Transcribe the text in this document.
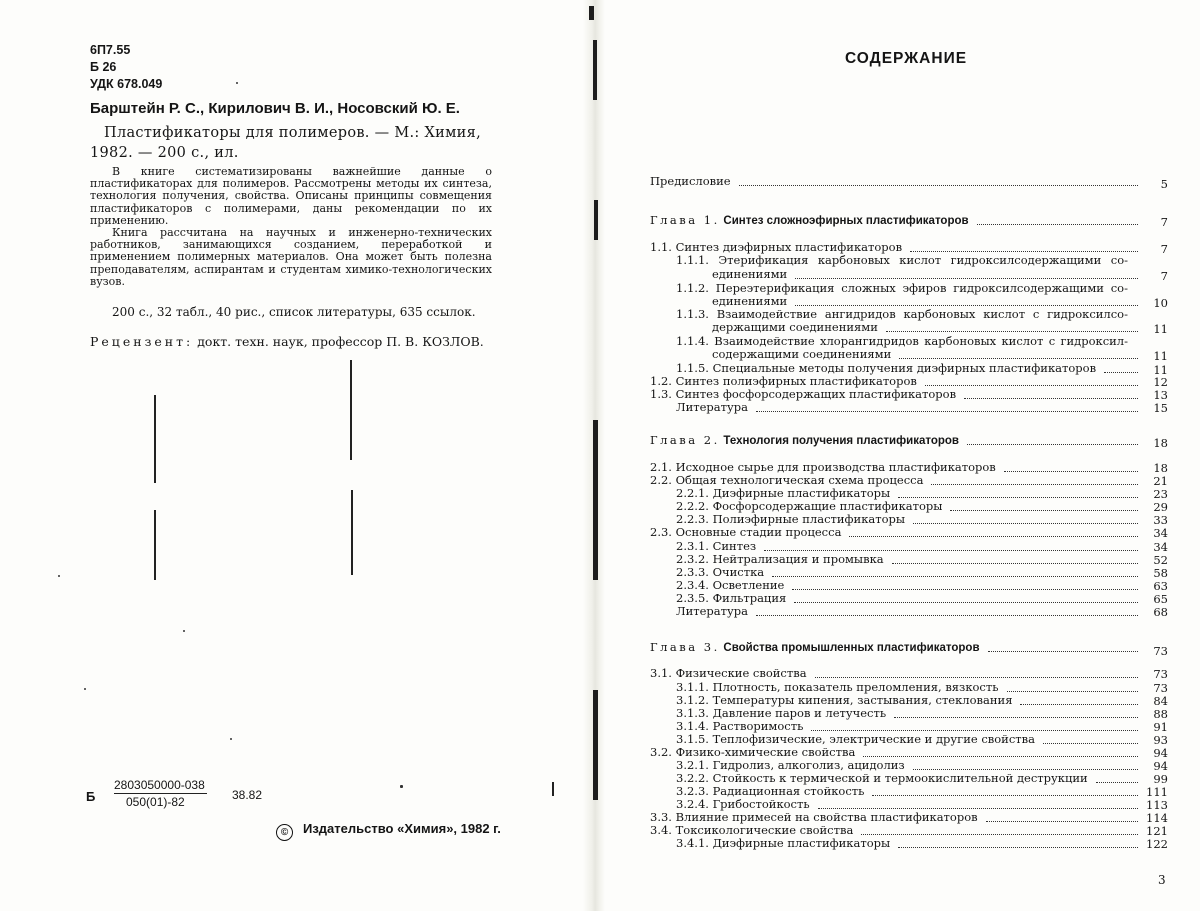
6П7.55
Б 26
УДК 678.049
Барштейн Р. С., Кирилович В. И., Носовский Ю. Е.
Пластификаторы для полимеров. — М.: Химия,
1982. — 200 с., ил.

В книге систематизированы важнейшие данные о пластификаторах для полимеров. Рассмотрены методы их синтеза, технология получения, свойства. Описаны принципы совмещения пластификаторов с полимерами, даны рекомендации по их применению.

Книга рассчитана на научных и инженерно-технических работников, занимающихся созданием, переработкой и применением полимерных материалов. Она может быть полезна преподавателям, аспирантам и студентам химико-технологических вузов.

200 с., 32 табл., 40 рис., список литературы, 635 ссылок.
Рецензент: докт. техн. наук, профессор П. В. КОЗЛОВ.
Б
2803050000-038
050(01)-82	38.82
© Издательство «Химия», 1982 г.
СОДЕРЖАНИЕ
Предисловие	5
Глава 1. Синтез сложноэфирных пластификаторов	7
1.1. Синтез диэфирных пластификаторов	7
1.1.1. Этерификация карбоновых кислот гидроксилсодержащими со-
единениями	7
1.1.2. Переэтерификация сложных эфиров гидроксилсодержащими со-
единениями	10
1.1.3. Взаимодействие ангидридов карбоновых кислот с гидроксилсо-
держащими соединениями	11
1.1.4. Взаимодействие хлорангидридов карбоновых кислот с гидроксил-
содержащими соединениями	11
1.1.5. Специальные методы получения диэфирных пластификаторов	11
1.2. Синтез полиэфирных пластификаторов	12
1.3. Синтез фосфорсодержащих пластификаторов	13
Литература	15
Глава 2. Технология получения пластификаторов	18
2.1. Исходное сырье для производства пластификаторов	18
2.2. Общая технологическая схема процесса	21
2.2.1. Диэфирные пластификаторы	23
2.2.2. Фосфорсодержащие пластификаторы	29
2.2.3. Полиэфирные пластификаторы	33
2.3. Основные стадии процесса	34
2.3.1. Синтез	34
2.3.2. Нейтрализация и промывка	52
2.3.3. Очистка	58
2.3.4. Осветление	63
2.3.5. Фильтрация	65
Литература	68
Глава 3. Свойства промышленных пластификаторов	73
3.1. Физические свойства	73
3.1.1. Плотность, показатель преломления, вязкость	73
3.1.2. Температуры кипения, застывания, стеклования	84
3.1.3. Давление паров и летучесть	88
3.1.4. Растворимость	91
3.1.5. Теплофизические, электрические и другие свойства	93
3.2. Физико-химические свойства	94
3.2.1. Гидролиз, алкоголиз, ацидолиз	94
3.2.2. Стойкость к термической и термоокислительной деструкции	99
3.2.3. Радиационная стойкость	111
3.2.4. Грибостойкость	113
3.3. Влияние примесей на свойства пластификаторов	114
3.4. Токсикологические свойства	121
3.4.1. Диэфирные пластификаторы	122
3
